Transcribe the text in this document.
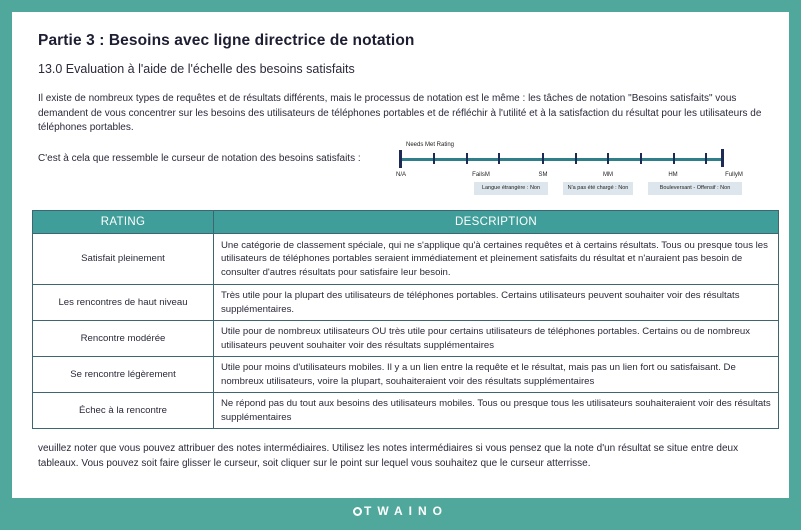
Partie 3 : Besoins avec ligne directrice de notation
13.0 Evaluation à l'aide de l'échelle des besoins satisfaits

Il existe de nombreux types de requêtes et de résultats différents, mais le processus de notation est le même : les tâches de notation "Besoins satisfaits" vous demandent de vous concentrer sur les besoins des utilisateurs de téléphones portables et de réfléchir à l'utilité et à la satisfaction du résultat pour les utilisateurs de téléphones portables.

C'est à cela que ressemble le curseur de notation des besoins satisfaits :
Needs Met Rating
N/A	FailsM	SM	MM	HM	FullyM
Langue étrangère : Non	N'a pas été chargé : Non	Bouleversant - Offensif : Non
RATING	DESCRIPTION
Satisfait pleinement	Une catégorie de classement spéciale, qui ne s'applique qu'à certaines requêtes et à certains résultats. Tous ou presque tous les utilisateurs de téléphones portables seraient immédiatement et pleinement satisfaits du résultat et n'auraient pas besoin de consulter d'autres résultats pour satisfaire leur besoin.
Les rencontres de haut niveau	Très utile pour la plupart des utilisateurs de téléphones portables. Certains utilisateurs peuvent souhaiter voir des résultats supplémentaires.
Rencontre modérée	Utile pour de nombreux utilisateurs OU très utile pour certains utilisateurs de téléphones portables. Certains ou de nombreux utilisateurs peuvent souhaiter voir des résultats supplémentaires
Se rencontre légèrement	Utile pour moins d'utilisateurs mobiles. Il y a un lien entre la requête et le résultat, mais pas un lien fort ou satisfaisant. De nombreux utilisateurs, voire la plupart, souhaiteraient voir des résultats supplémentaires
Échec à la rencontre	Ne répond pas du tout aux besoins des utilisateurs mobiles. Tous ou presque tous les utilisateurs souhaiteraient voir des résultats supplémentaires

veuillez noter que vous pouvez attribuer des notes intermédiaires. Utilisez les notes intermédiaires si vous pensez que la note d'un résultat se situe entre deux tableaux. Vous pouvez soit faire glisser le curseur, soit cliquer sur le point sur lequel vous souhaitez que le curseur atterrisse.

TWAINO
